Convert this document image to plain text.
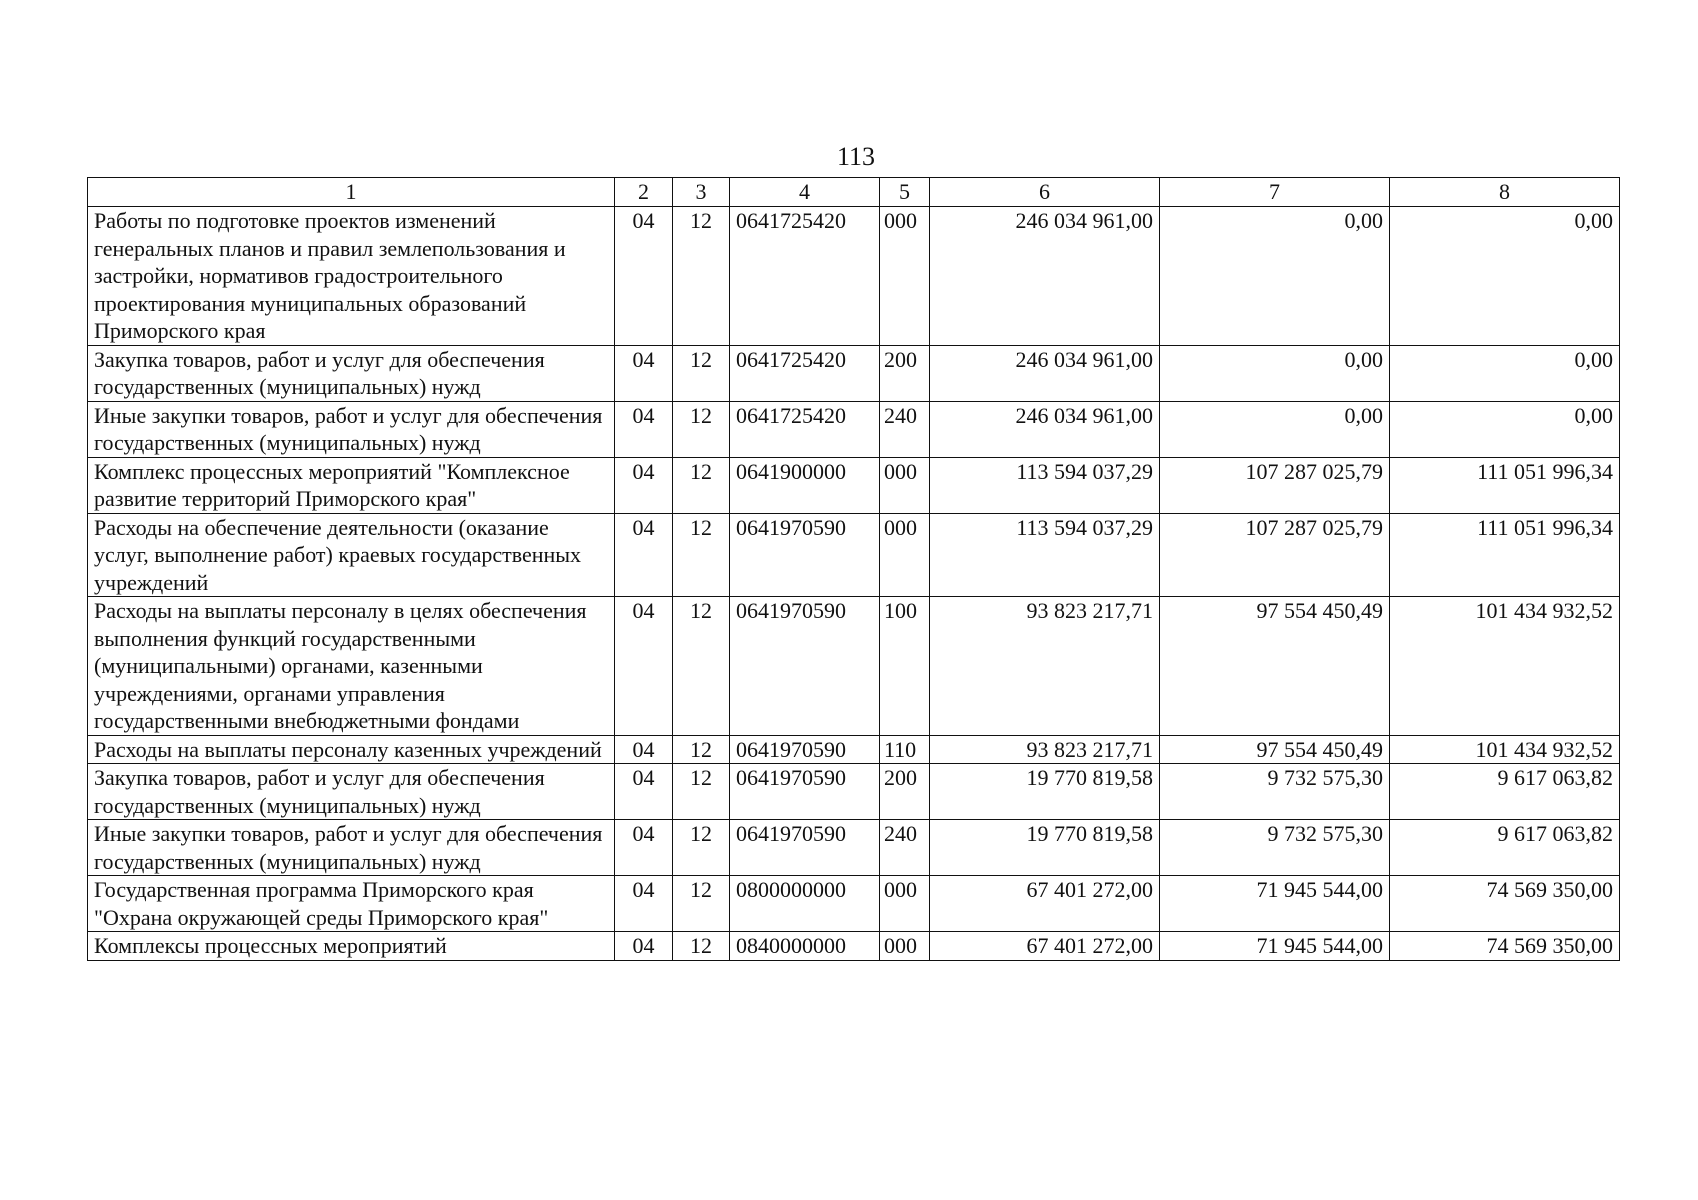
113
1	2	3	4	5	6	7	8
Работы по подготовке проектов изменений генеральных планов и правил землепользования и застройки, нормативов градостроительного проектирования муниципальных образований Приморского края	04	12	0641725420	000	246 034 961,00	0,00	0,00
Закупка товаров, работ и услуг для обеспечения государственных (муниципальных) нужд	04	12	0641725420	200	246 034 961,00	0,00	0,00
Иные закупки товаров, работ и услуг для обеспечения государственных (муниципальных) нужд	04	12	0641725420	240	246 034 961,00	0,00	0,00
Комплекс процессных мероприятий "Комплексное развитие территорий Приморского края"	04	12	0641900000	000	113 594 037,29	107 287 025,79	111 051 996,34
Расходы на обеспечение деятельности (оказание услуг, выполнение работ) краевых государственных учреждений	04	12	0641970590	000	113 594 037,29	107 287 025,79	111 051 996,34
Расходы на выплаты персоналу в целях обеспечения выполнения функций государственными (муниципальными) органами, казенными учреждениями, органами управления государственными внебюджетными фондами	04	12	0641970590	100	93 823 217,71	97 554 450,49	101 434 932,52
Расходы на выплаты персоналу казенных учреждений	04	12	0641970590	110	93 823 217,71	97 554 450,49	101 434 932,52
Закупка товаров, работ и услуг для обеспечения государственных (муниципальных) нужд	04	12	0641970590	200	19 770 819,58	9 732 575,30	9 617 063,82
Иные закупки товаров, работ и услуг для обеспечения государственных (муниципальных) нужд	04	12	0641970590	240	19 770 819,58	9 732 575,30	9 617 063,82
Государственная программа Приморского края "Охрана окружающей среды Приморского края"	04	12	0800000000	000	67 401 272,00	71 945 544,00	74 569 350,00
Комплексы процессных мероприятий	04	12	0840000000	000	67 401 272,00	71 945 544,00	74 569 350,00
